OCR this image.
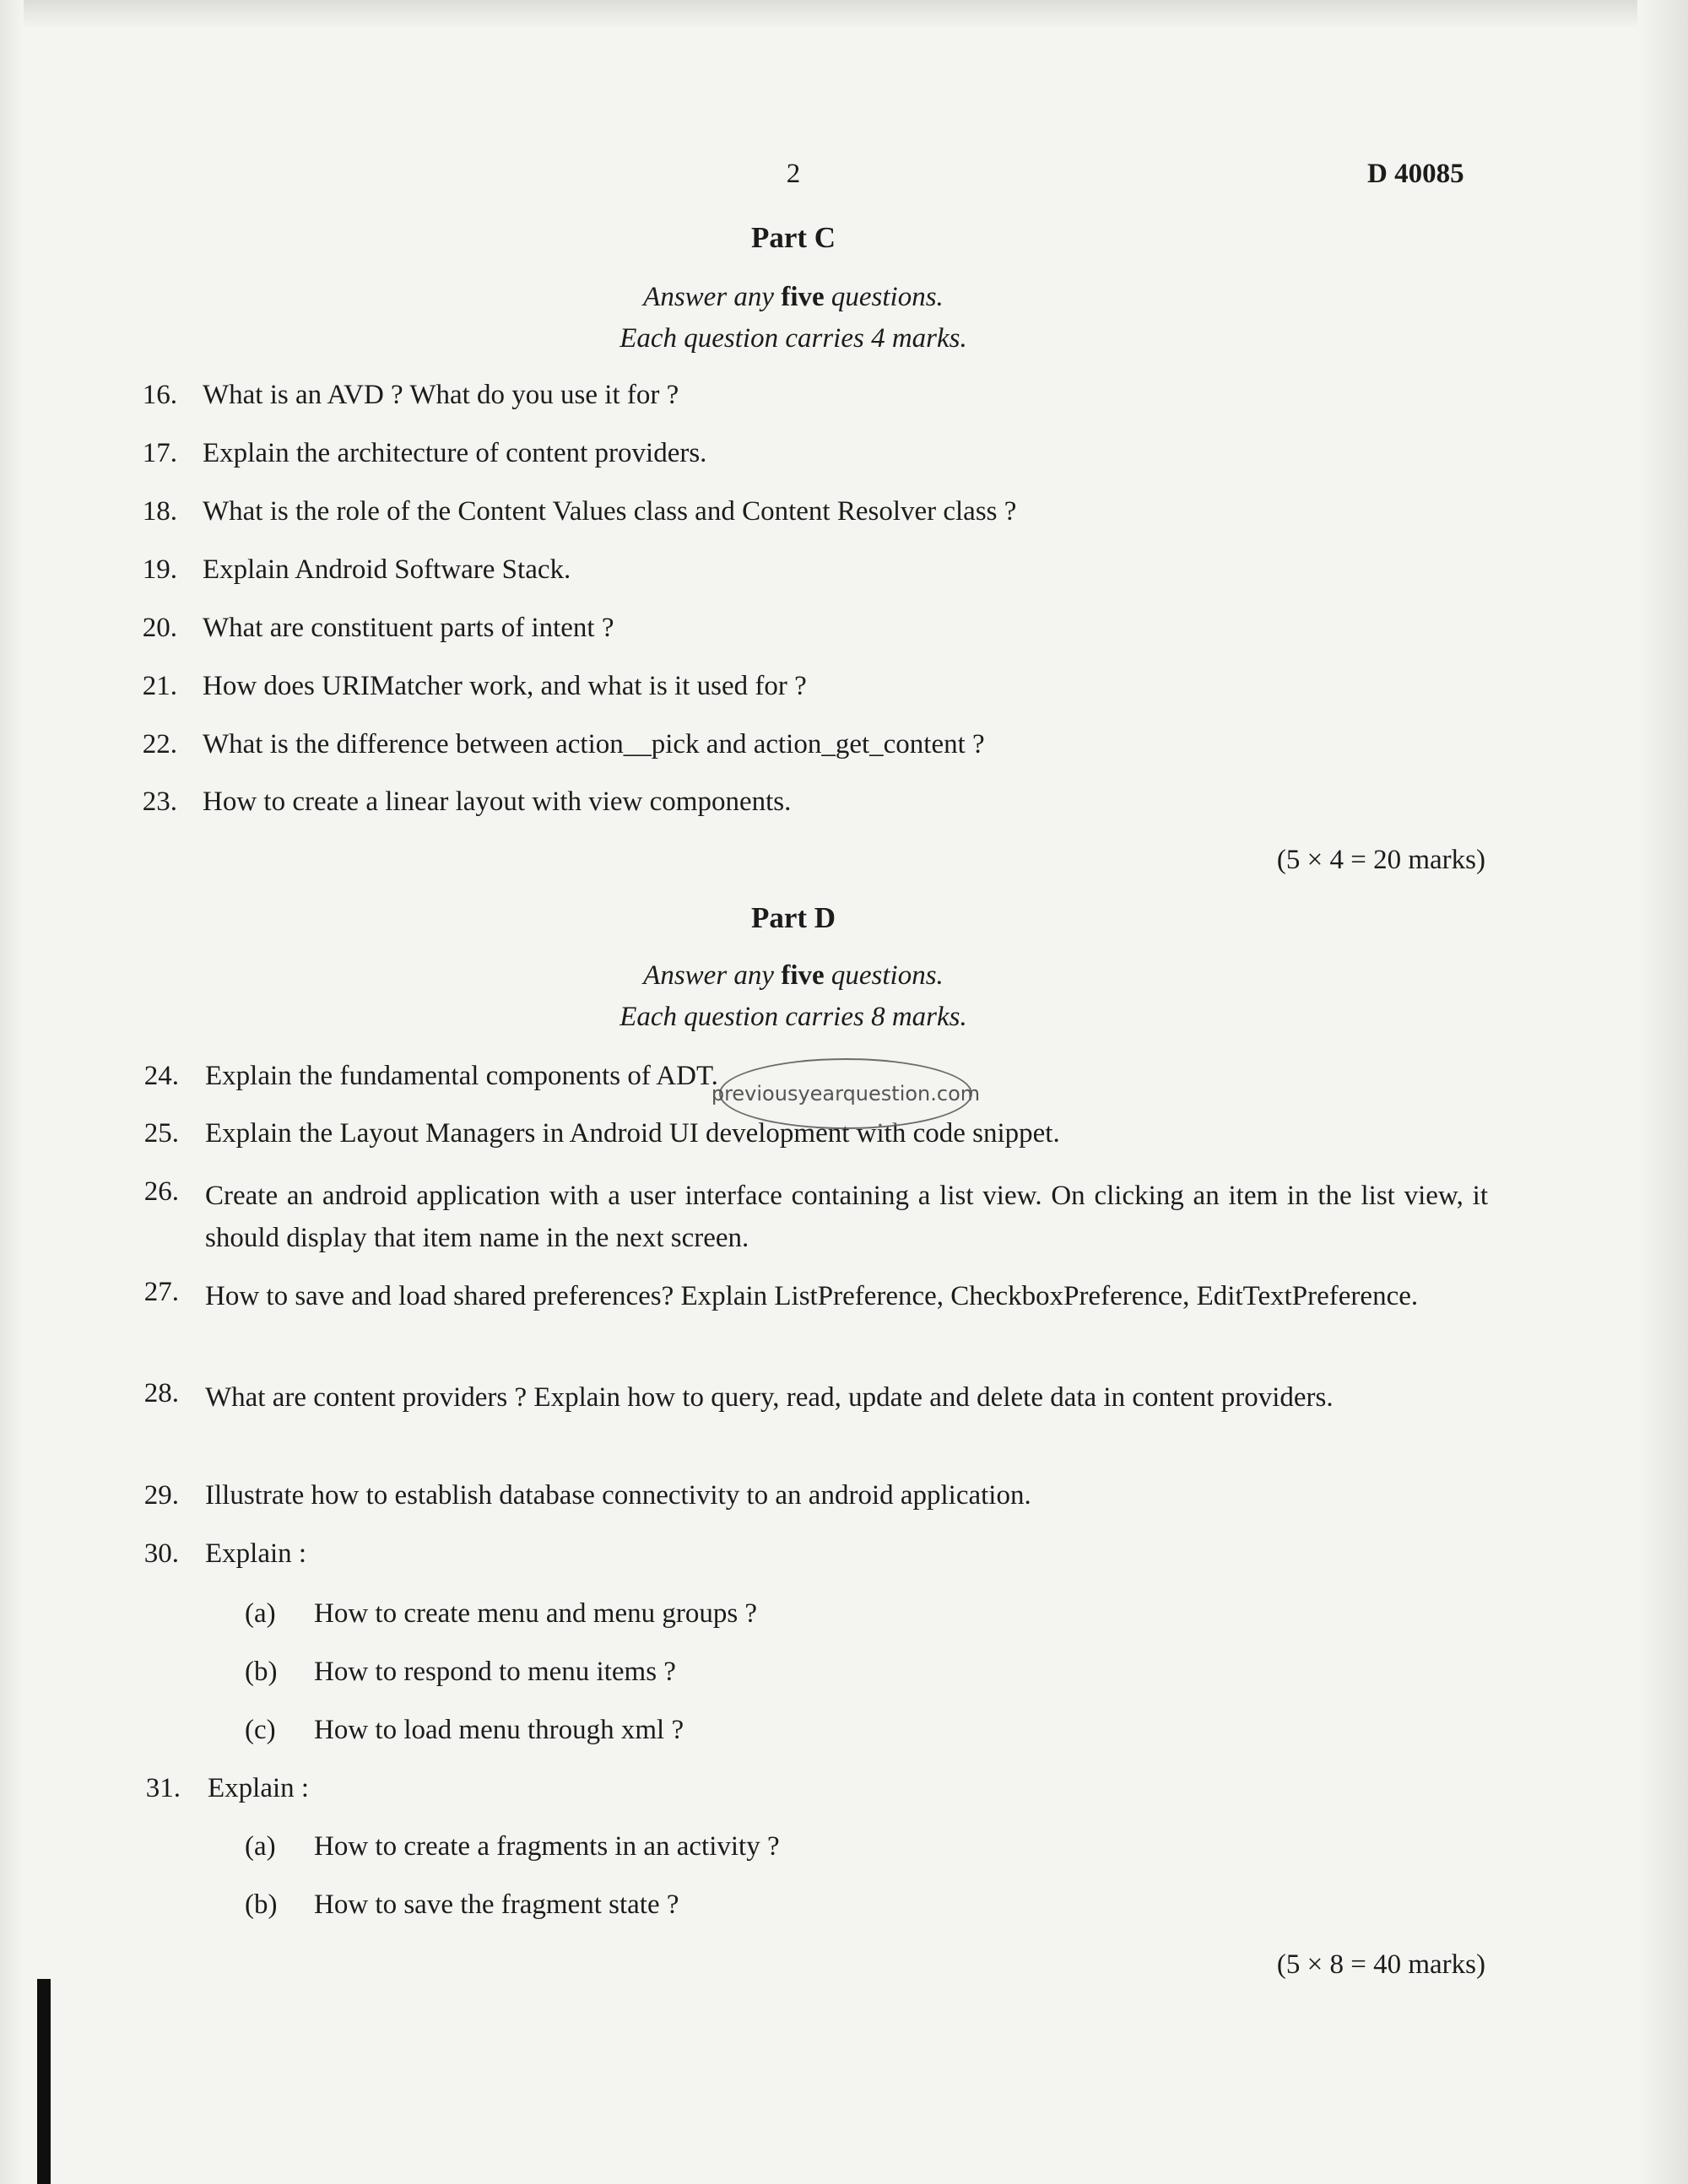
2	D 40085
Part C
Answer any five questions.
Each question carries 4 marks.
16. What is an AVD ? What do you use it for ?
17. Explain the architecture of content providers.
18. What is the role of the Content Values class and Content Resolver class ?
19. Explain Android Software Stack.
20. What are constituent parts of intent ?
21. How does URIMatcher work, and what is it used for ?
22. What is the difference between action__pick and action_get_content ?
23. How to create a linear layout with view components.
(5 × 4 = 20 marks)
Part D
Answer any five questions.
Each question carries 8 marks.
24. Explain the fundamental components of ADT.
25. Explain the Layout Managers in Android UI development with code snippet.
26. Create an android application with a user interface containing a list view. On clicking an item in the list view, it should display that item name in the next screen.
27. How to save and load shared preferences? Explain ListPreference, CheckboxPreference, EditTextPreference.
28. What are content providers ? Explain how to query, read, update and delete data in content providers.
29. Illustrate how to establish database connectivity to an android application.
30. Explain :
(a) How to create menu and menu groups ?
(b) How to respond to menu items ?
(c) How to load menu through xml ?
31. Explain :
(a) How to create a fragments in an activity ?
(b) How to save the fragment state ?
(5 × 8 = 40 marks)
previousyearquestion.com
